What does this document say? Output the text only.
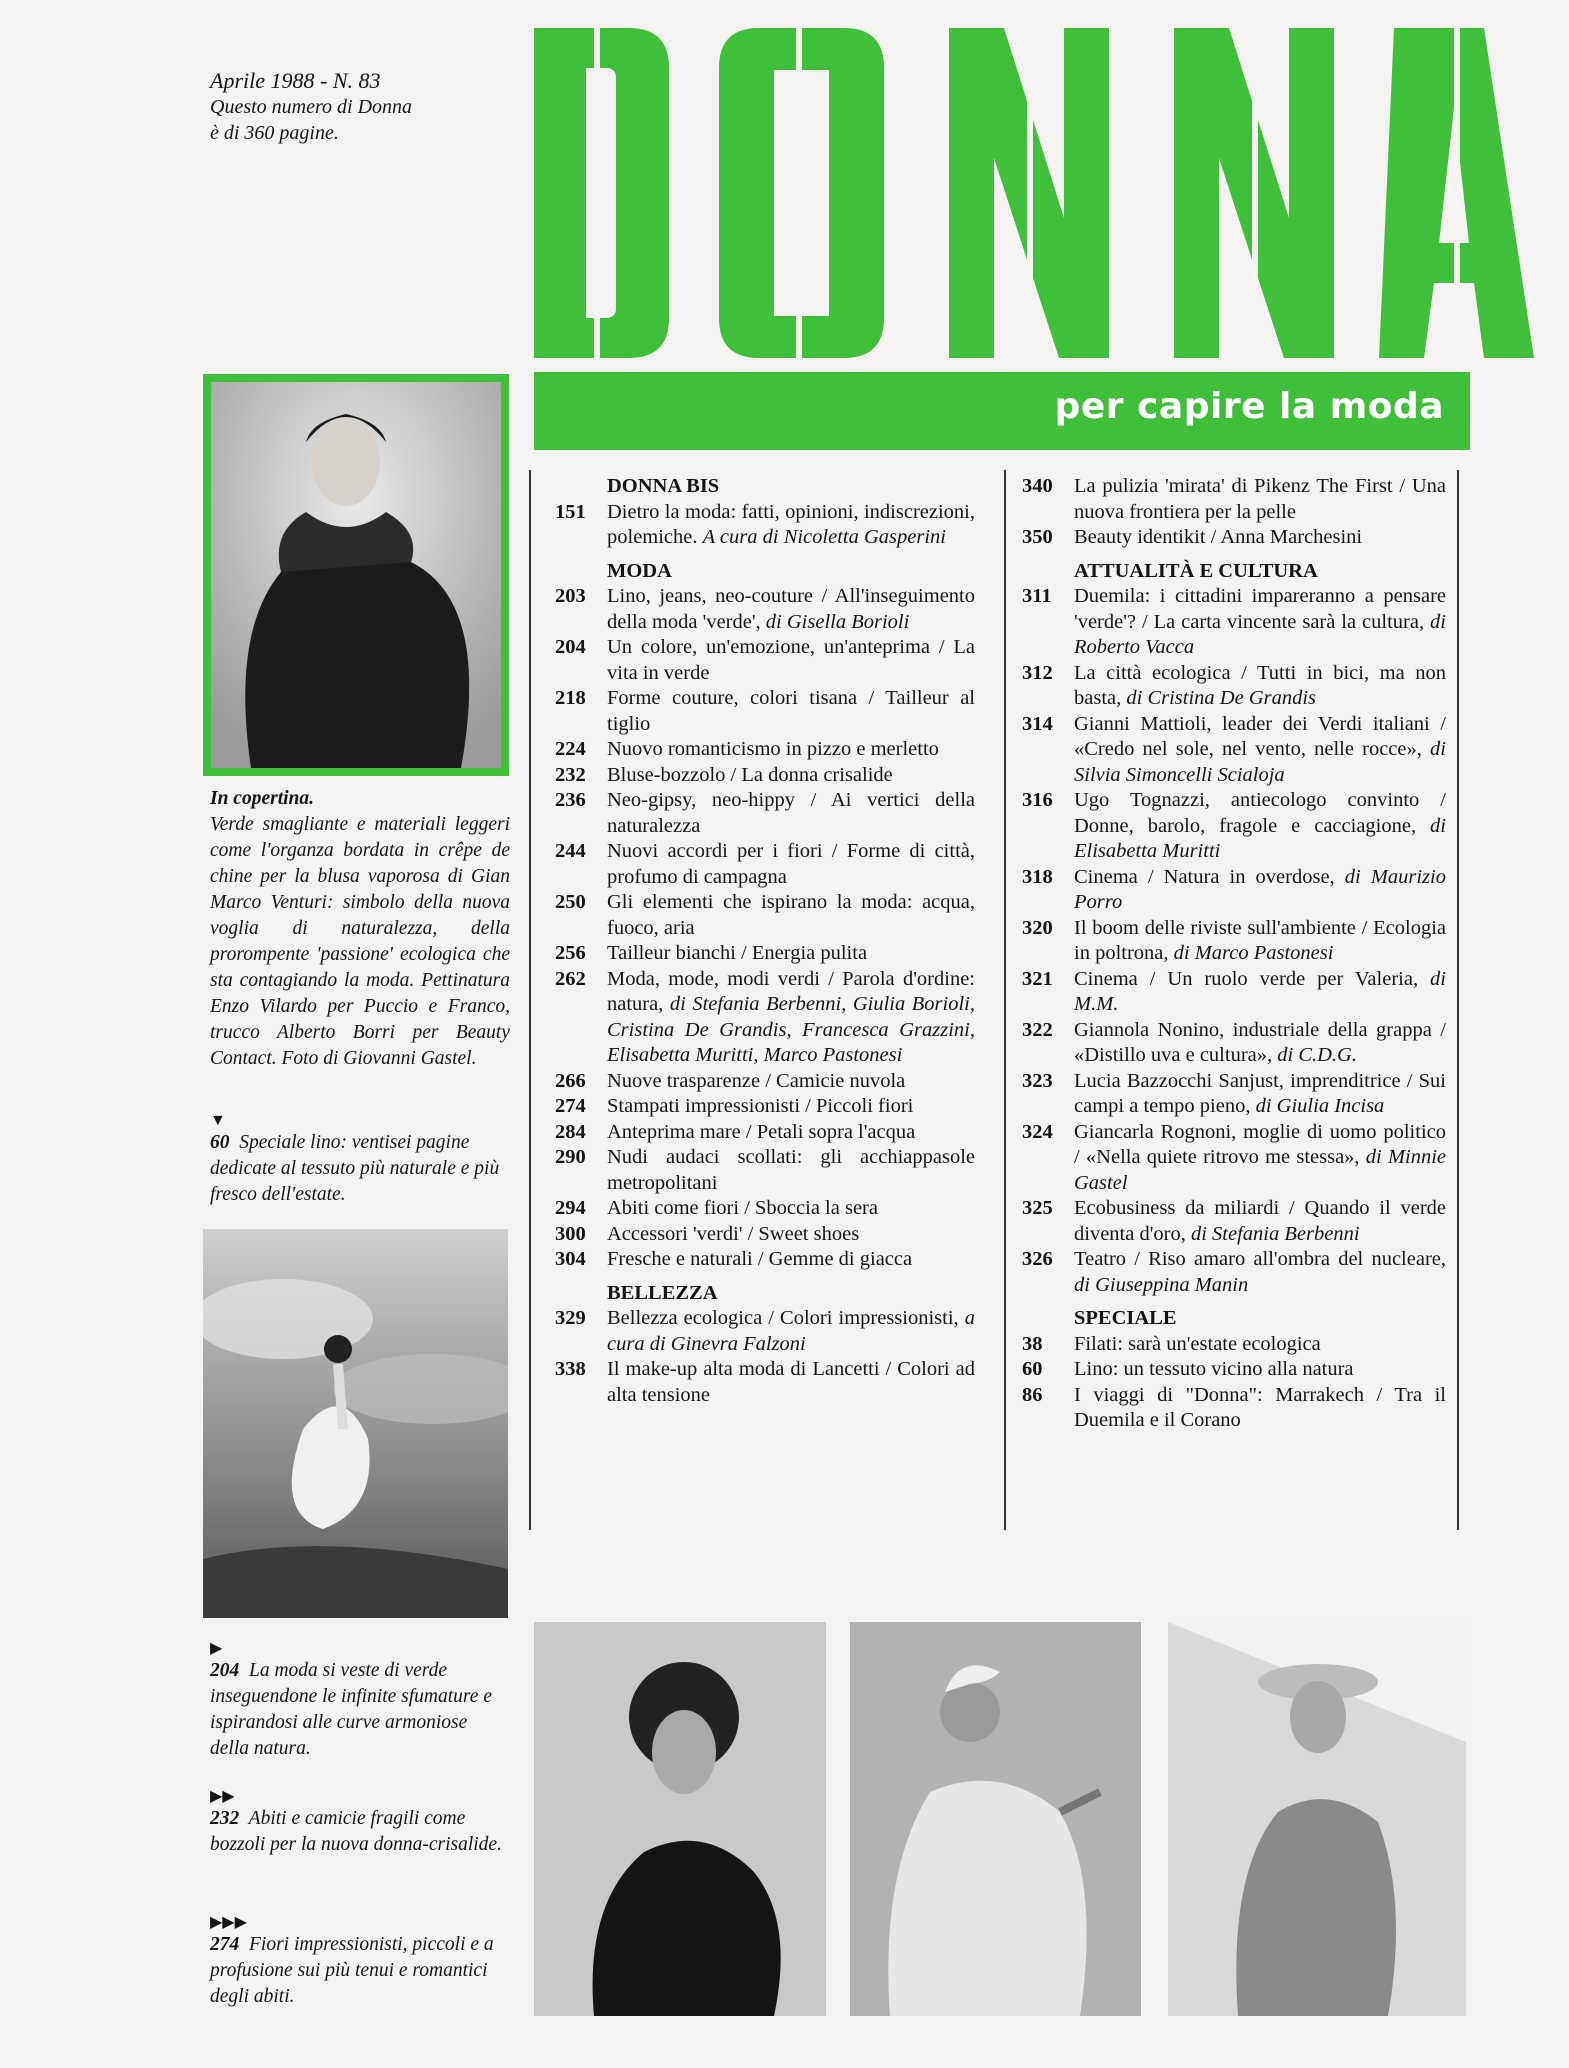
Aprile 1988 - N. 83
Questo numero di Donna
è di 360 pagine.
per capire la moda
In copertina.
Verde smagliante e materiali leggeri come l'organza bordata in crêpe de chine per la blusa vaporosa di Gian Marco Venturi: simbolo della nuova voglia di naturalezza, della prorompente 'passione' ecologica che sta contagiando la moda. Pettinatura Enzo Vilardo per Puccio e Franco, trucco Alberto Borri per Beauty Contact. Foto di Giovanni Gastel.
▼
60 Speciale lino: ventisei pagine dedicate al tessuto più naturale e più fresco dell'estate.
▶
204 La moda si veste di verde inseguendone le infinite sfumature e ispirandosi alle curve armoniose della natura.
▶▶
232 Abiti e camicie fragili come bozzoli per la nuova donna-crisalide.
▶▶▶
274 Fiori impressionisti, piccoli e a profusione sui più tenui e romantici degli abiti.
DONNA BIS
151	Dietro la moda: fatti, opinioni, indiscrezioni, polemiche. A cura di Nicoletta Gasperini
MODA
203	Lino, jeans, neo-couture / All'inseguimento della moda 'verde', di Gisella Borioli
204	Un colore, un'emozione, un'anteprima / La vita in verde
218	Forme couture, colori tisana / Tailleur al tiglio
224	Nuovo romanticismo in pizzo e merletto
232	Bluse-bozzolo / La donna crisalide
236	Neo-gipsy, neo-hippy / Ai vertici della naturalezza
244	Nuovi accordi per i fiori / Forme di città, profumo di campagna
250	Gli elementi che ispirano la moda: acqua, fuoco, aria
256	Tailleur bianchi / Energia pulita
262	Moda, mode, modi verdi / Parola d'ordine: natura, di Stefania Berbenni, Giulia Borioli, Cristina De Grandis, Francesca Grazzini, Elisabetta Muritti, Marco Pastonesi
266	Nuove trasparenze / Camicie nuvola
274	Stampati impressionisti / Piccoli fiori
284	Anteprima mare / Petali sopra l'acqua
290	Nudi audaci scollati: gli acchiappasole metropolitani
294	Abiti come fiori / Sboccia la sera
300	Accessori 'verdi' / Sweet shoes
304	Fresche e naturali / Gemme di giacca
BELLEZZA
329	Bellezza ecologica / Colori impressionisti, a cura di Ginevra Falzoni
338	Il make-up alta moda di Lancetti / Colori ad alta tensione
340	La pulizia 'mirata' di Pikenz The First / Una nuova frontiera per la pelle
350	Beauty identikit / Anna Marchesini
ATTUALITÀ E CULTURA
311	Duemila: i cittadini impareranno a pensare 'verde'? / La carta vincente sarà la cultura, di Roberto Vacca
312	La città ecologica / Tutti in bici, ma non basta, di Cristina De Grandis
314	Gianni Mattioli, leader dei Verdi italiani / «Credo nel sole, nel vento, nelle rocce», di Silvia Simoncelli Scialoja
316	Ugo Tognazzi, antiecologo convinto / Donne, barolo, fragole e cacciagione, di Elisabetta Muritti
318	Cinema / Natura in overdose, di Maurizio Porro
320	Il boom delle riviste sull'ambiente / Ecologia in poltrona, di Marco Pastonesi
321	Cinema / Un ruolo verde per Valeria, di M.M.
322	Giannola Nonino, industriale della grappa / «Distillo uva e cultura», di C.D.G.
323	Lucia Bazzocchi Sanjust, imprenditrice / Sui campi a tempo pieno, di Giulia Incisa
324	Giancarla Rognoni, moglie di uomo politico / «Nella quiete ritrovo me stessa», di Minnie Gastel
325	Ecobusiness da miliardi / Quando il verde diventa d'oro, di Stefania Berbenni
326	Teatro / Riso amaro all'ombra del nucleare, di Giuseppina Manin
SPECIALE
38	Filati: sarà un'estate ecologica
60	Lino: un tessuto vicino alla natura
86	I viaggi di "Donna": Marrakech / Tra il Duemila e il Corano
